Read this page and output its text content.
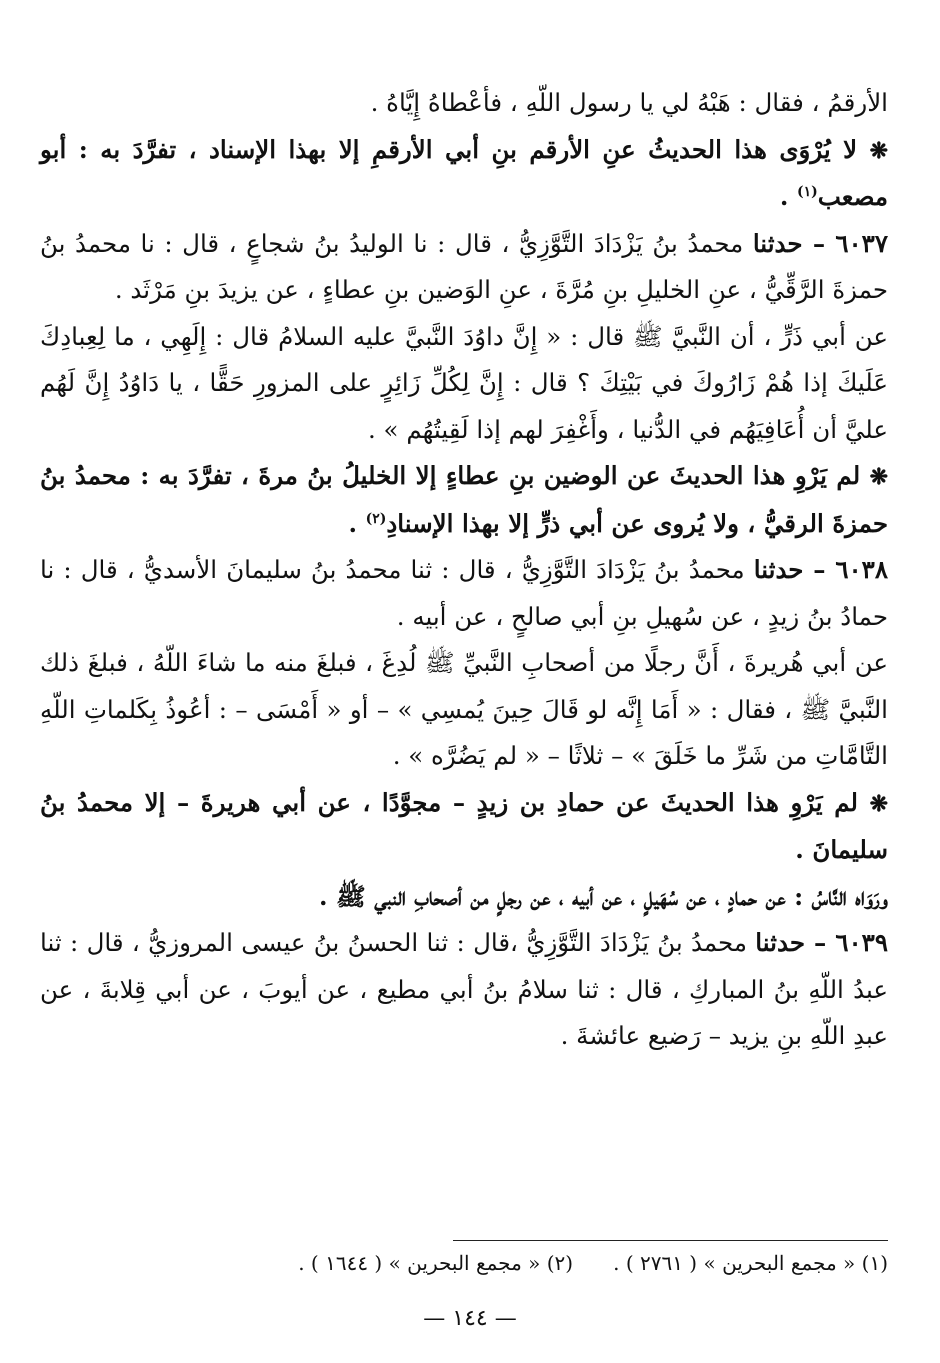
الأرقمُ ، فقال : هَبْهُ لي يا رسول اللّهِ ، فأعْطاهُ إِيَّاهُ .

❋ لا يُرْوَى هذا الحديثُ عنِ الأرقم بنِ أبي الأرقمِ إلا بهذا الإسناد ، تفرَّدَ به : أبو مصعب$^{(١)}$ .

٦٠٣٧ – حدثنا محمدُ بنُ يَزْدَادَ التَّوَّزِيُّ ، قال : نا الوليدُ بنُ شجاعٍ ، قال : نا محمدُ بنُ حمزةَ الرَّقِّيُّ ، عنِ الخليلِ بنِ مُرَّةَ ، عنِ الوَضين بنِ عطاءٍ ، عن يزيدَ بنِ مَرْثَد .

عن أبي ذَرٍّ ، أن النَّبيَّ ﷺ قال : « إِنَّ داوُدَ النَّبيَّ عليه السلامُ قال : إِلَهِي ، ما لِعِبادِكَ عَلَيكَ إذا هُمْ زَارُوكَ في بَيْتِكَ ؟ قال : إِنَّ لِكُلِّ زَائِرٍ على المزورِ حَقًّا ، يا دَاوُدُ إِنَّ لَهُم عليَّ أن أُعَافِيَهُم في الدُّنيا ، وأَغْفِرَ لهم إذا لَقِيتُهُم » .

❋ لم يَرْوِ هذا الحديثَ عن الوضين بنِ عطاءٍ إلا الخليلُ بنُ مرةَ ، تفرَّدَ به : محمدُ بنُ حمزةَ الرقيُّ ، ولا يُروى عن أبي ذرٍّ إلا بهذا الإسنادِ$^{(٢)}$ .

٦٠٣٨ – حدثنا محمدُ بنُ يَزْدَادَ التَّوَّزِيُّ ، قال : ثنا محمدُ بنُ سليمانَ الأسديُّ ، قال : نا حمادُ بنُ زيدٍ ، عن سُهيلِ بنِ أبي صالحٍ ، عن أبيه .

عن أبي هُريرةَ ، أَنَّ رجلًا من أصحابِ النَّبيِّ ﷺ لُدِغَ ، فبلغَ منه ما شاءَ اللّهُ ، فبلغَ ذلك النَّبيَّ ﷺ ، فقال : « أَمَا إِنَّه لو قَالَ حِينَ يُمسِي » – أو « أَمْسَى – : أعُوذُ بِكَلماتِ اللّهِ التَّامَّاتِ من شَرِّ ما خَلَقَ » – ثلاثًا – « لم يَضُرَّه » .

❋ لم يَرْوِ هذا الحديثَ عن حمادِ بن زيدٍ – مجوَّدًا ، عن أبي هريرةَ – إلا محمدُ بنُ سليمانَ .

ورَوَاه النَّاسُ : عن حمادٍ ، عن سُهَيلٍ ، عن أبيه ، عن رجلٍ من أصحابِ النبي ﷺ .

٦٠٣٩ – حدثنا محمدُ بنُ يَزْدَادَ التَّوَّزِيُّ ،قال : ثنا الحسنُ بنُ عيسى المروزيُّ ، قال : ثنا عبدُ اللّهِ بنُ المباركِ ، قال : ثنا سلامُ بنُ أبي مطيع ، عن أيوبَ ، عن أبي قِلابةَ ، عن عبدِ اللّهِ بنِ يزيد – رَضيع عائشةَ .

(١) « مجمع البحرين » ( ٢٧٦١ ) .
(٢) « مجمع البحرين » ( ١٦٤٤ ) .
— ١٤٤ —
